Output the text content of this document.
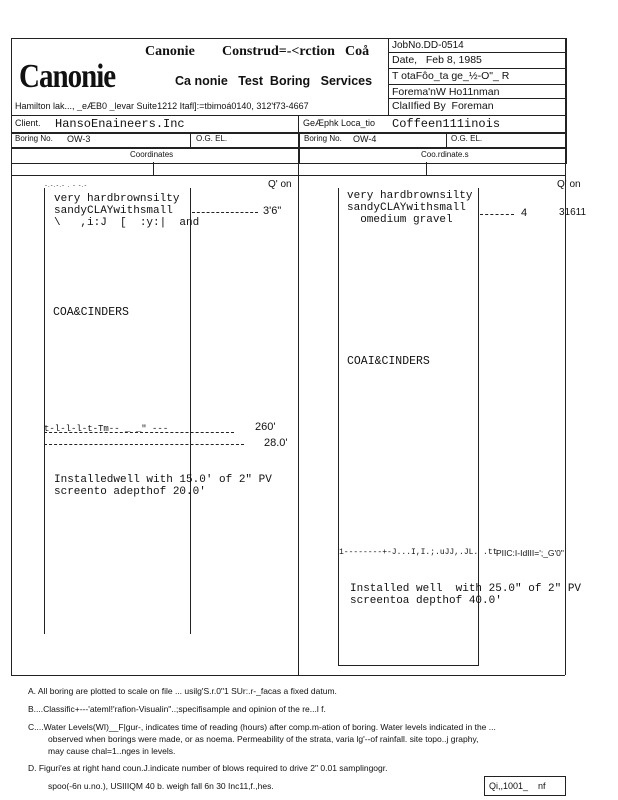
Canonie Construd=-<rction Coå
Canonie	Ca nonie   Test  Boring   Services
Hamilton lak..., _eÆB0 _levar Suite1212 Itafl]:=tbimoá0140, 312'f73-4667
JobNo.DD-0514
Date,   Feb 8, 1985
T otaFôo_ta ge_½-O"_ R
Forema'nW Ho11nman
ClaIIfied By  Foreman
Client. HansoEnaineers.Inc	GeÆphk Loca_tio Coffeen111inois
Boring No. OW-3	O.G. EL.
Coordinates
Q' on
-.-.-.- . - -.-
very hardbrownsilty
sandyCLAYwithsmall
\   ,i:J  [  :y:|  and
3'6"
COA&CINDERS
t-l-l-l-t-Tm-- _ _" ---	260'
28.0'
Installedwell with 15.0' of 2" PV
screento adepthof 20.0'
Boring No. OW-4	O.G. EL.
Coo.rdinate.s
Q' on
very hardbrownsilty
sandyCLAYwithsmall
omedium gravel
4	31611
COAI&CINDERS
1--------+-J...I,I.;.uJJ,.JL. .tt
PIIC:I-IdIII=';_G'0"
Installed well  with 25.0" of 2" PV
screentoa depthof 40.0'
A. All boring are plotted to scale on file ... usilg'S.r.0"1 SUr:.r-_facas a fixed datum.
B....Classific+---'ateml!'rafion-Visualin"..;specifisample and opinion of the re...l f.
C....Water Levels(WI)__F|gur-, indicates time of reading (hours) after comp.m-ation of boring. Water levels indicated in the ...
observed when borings were made, or as noema. Permeability of the strata, varia lg'--of rainfall. site topo..j graphy,
may cause chal=1..nges in levels.
D. Figuri'es at right hand coun.J.indicate number of blows required to drive 2" 0.01 samplingogr.
spoo(-6n u.no.), USIIIQM 40 b. weigh fall 6n 30 Inc11,f.,hes.	Qi,,1001_    nf
